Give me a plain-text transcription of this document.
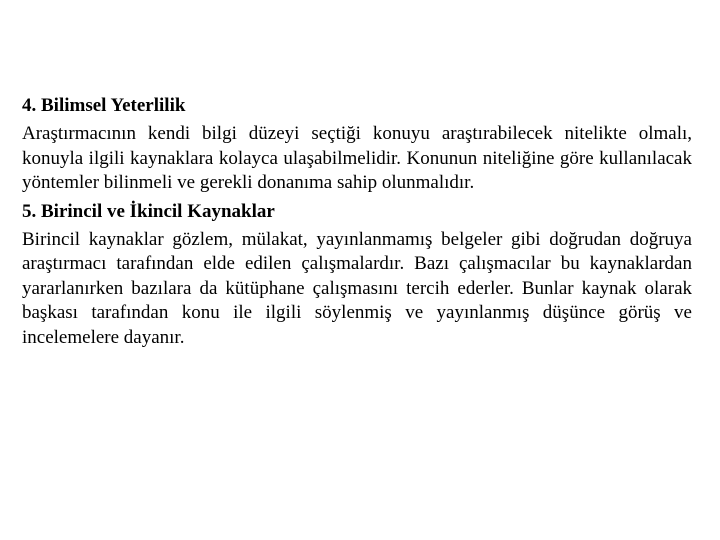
4. Bilimsel Yeterlilik
Araştırmacının kendi bilgi düzeyi seçtiği konuyu araştırabilecek nitelikte olmalı, konuyla ilgili kaynaklara kolayca ulaşabilmelidir. Konunun niteliğine göre kullanılacak yöntemler bilinmeli ve gerekli donanıma sahip olunmalıdır.
5. Birincil ve İkincil Kaynaklar
Birincil kaynaklar gözlem, mülakat, yayınlanmamış belgeler gibi doğrudan doğruya araştırmacı tarafından elde edilen çalışmalardır. Bazı çalışmacılar bu kaynaklardan yararlanırken bazılara da kütüphane çalışmasını tercih ederler. Bunlar kaynak olarak başkası tarafından konu ile ilgili söylenmiş ve yayınlanmış düşünce görüş ve incelemelere dayanır.
